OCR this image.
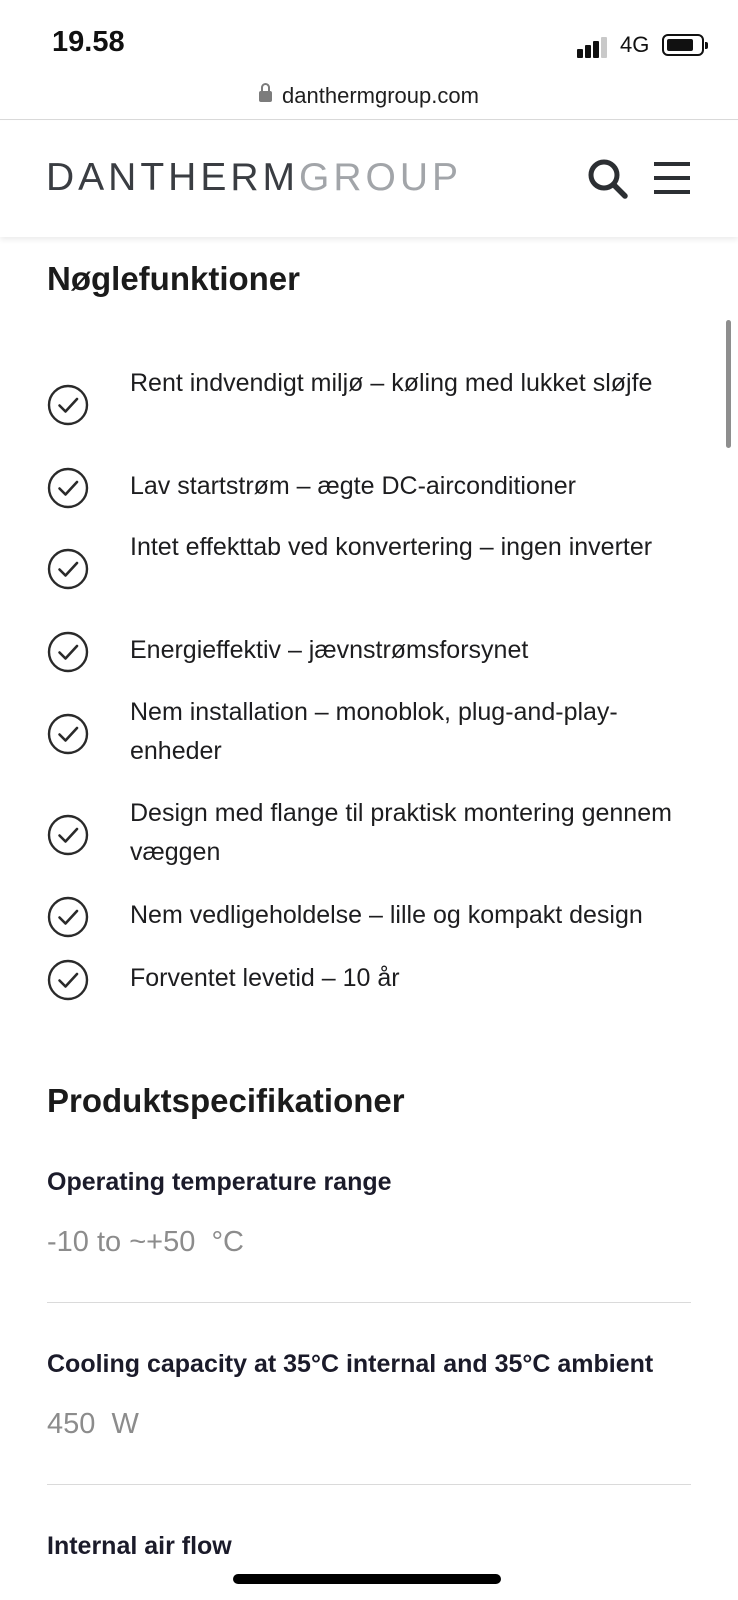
19.58	4G
danthermgroup.com
DANTHERMGROUP
Nøglefunktioner
Rent indvendigt miljø – køling med lukket sløjfe
Lav startstrøm – ægte DC-airconditioner
Intet effekttab ved konvertering – ingen inverter
Energieffektiv – jævnstrømsforsynet
Nem installation – monoblok, plug-and-play-enheder
Design med flange til praktisk montering gennem væggen
Nem vedligeholdelse – lille og kompakt design
Forventet levetid – 10 år
Produktspecifikationer
Operating temperature range
-10 to ~+50  °C
Cooling capacity at 35°C internal and 35°C ambient
450  W
Internal air flow
